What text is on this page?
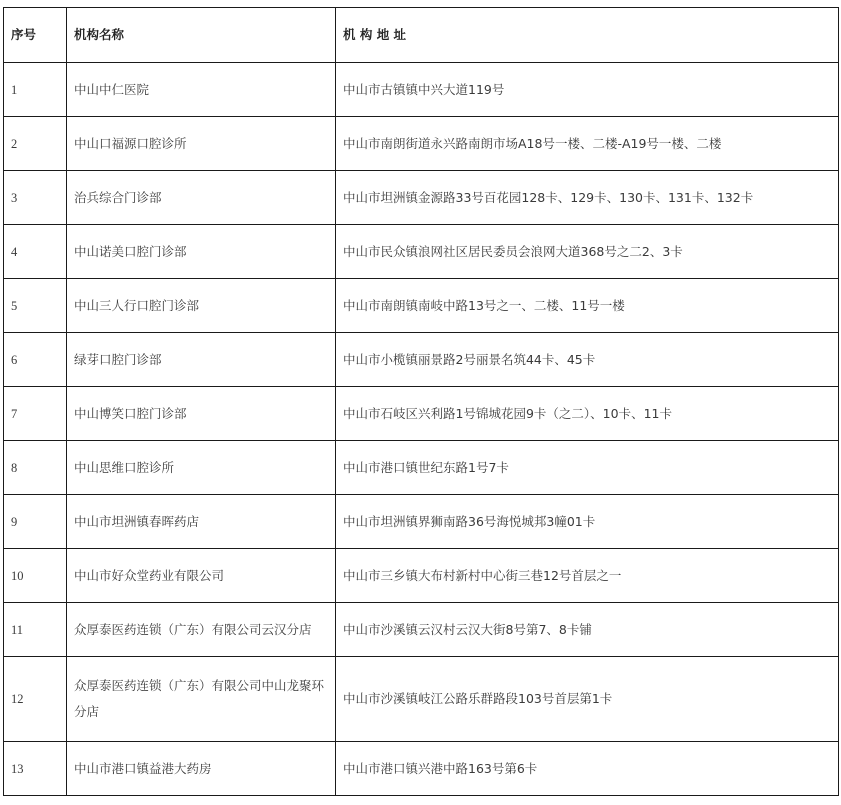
序号	机构名称	机 构 地 址
1	中山中仁医院	中山市古镇镇中兴大道119号
2	中山口福源口腔诊所	中山市南朗街道永兴路南朗市场A18号一楼、二楼-A19号一楼、二楼
3	治兵综合门诊部	中山市坦洲镇金源路33号百花园128卡、129卡、130卡、131卡、132卡
4	中山诺美口腔门诊部	中山市民众镇浪网社区居民委员会浪网大道368号之二2、3卡
5	中山三人行口腔门诊部	中山市南朗镇南岐中路13号之一、二楼、11号一楼
6	绿芽口腔门诊部	中山市小榄镇丽景路2号丽景名筑44卡、45卡
7	中山博笑口腔门诊部	中山市石岐区兴利路1号锦城花园9卡（之二）、10卡、11卡
8	中山思维口腔诊所	中山市港口镇世纪东路1号7卡
9	中山市坦洲镇春晖药店	中山市坦洲镇界狮南路36号海悦城邦3幢01卡
10	中山市好众堂药业有限公司	中山市三乡镇大布村新村中心街三巷12号首层之一
11	众厚泰医药连锁（广东）有限公司云汉分店	中山市沙溪镇云汉村云汉大街8号第7、8卡铺
12	众厚泰医药连锁（广东）有限公司中山龙聚环分店	中山市沙溪镇岐江公路乐群路段103号首层第1卡
13	中山市港口镇益港大药房	中山市港口镇兴港中路163号第6卡
